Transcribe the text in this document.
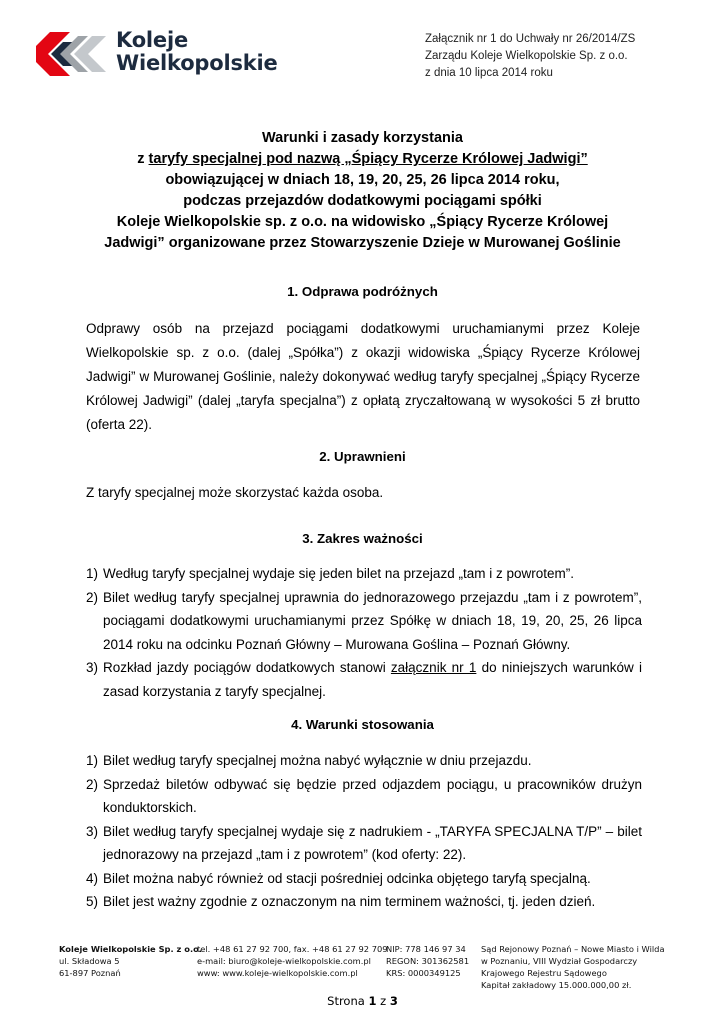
Koleje
Wielkopolskie
Załącznik nr 1 do Uchwały nr 26/2014/ZS
Zarządu Koleje Wielkopolskie Sp. z o.o.
z dnia 10 lipca 2014 roku
Warunki i zasady korzystania
z taryfy specjalnej pod nazwą „Śpiący Rycerze Królowej Jadwigi”
obowiązującej w dniach 18, 19, 20, 25, 26 lipca 2014 roku,
podczas przejazdów dodatkowymi pociągami spółki
Koleje Wielkopolskie sp. z o.o. na widowisko „Śpiący Rycerze Królowej
Jadwigi” organizowane przez Stowarzyszenie Dzieje w Murowanej Goślinie
1. Odprawa podróżnych

Odprawy osób na przejazd pociągami dodatkowymi uruchamianymi przez Koleje Wielkopolskie sp. z o.o. (dalej „Spółka”) z okazji widowiska „Śpiący Rycerze Królowej Jadwigi” w Murowanej Goślinie, należy dokonywać według taryfy specjalnej „Śpiący Rycerze Królowej Jadwigi” (dalej „taryfa specjalna”) z opłatą zryczałtowaną w wysokości 5 zł brutto (oferta 22).

2. Uprawnieni

Z taryfy specjalnej może skorzystać każda osoba.

3. Zakres ważności
1) Według taryfy specjalnej wydaje się jeden bilet na przejazd „tam i z powrotem”.
2) Bilet według taryfy specjalnej uprawnia do jednorazowego przejazdu „tam i z powrotem”, pociągami dodatkowymi uruchamianymi przez Spółkę w dniach 18, 19, 20, 25, 26 lipca 2014 roku na odcinku Poznań Główny – Murowana Goślina – Poznań Główny.
3) Rozkład jazdy pociągów dodatkowych stanowi załącznik nr 1 do niniejszych warunków i zasad korzystania z taryfy specjalnej.
4. Warunki stosowania
1) Bilet według taryfy specjalnej można nabyć wyłącznie w dniu przejazdu.
2) Sprzedaż biletów odbywać się będzie przed odjazdem pociągu, u pracowników drużyn konduktorskich.
3) Bilet według taryfy specjalnej wydaje się z nadrukiem - „TARYFA SPECJALNA T/P” – bilet jednorazowy na przejazd „tam i z powrotem” (kod oferty: 22).
4) Bilet można nabyć również od stacji pośredniej odcinka objętego taryfą specjalną.
5) Bilet jest ważny zgodnie z oznaczonym na nim terminem ważności, tj. jeden dzień.
Koleje Wielkopolskie Sp. z o.o.
ul. Składowa 5
61-897 Poznań
tel. +48 61 27 92 700, fax. +48 61 27 92 709
e-mail: biuro@koleje-wielkopolskie.com.pl
www: www.koleje-wielkopolskie.com.pl
NIP: 778 146 97 34
REGON: 301362581
KRS: 0000349125
Sąd Rejonowy Poznań – Nowe Miasto i Wilda
w Poznaniu, VIII Wydział Gospodarczy
Krajowego Rejestru Sądowego
Kapitał zakładowy 15.000.000,00 zł.
Strona 1 z 3
